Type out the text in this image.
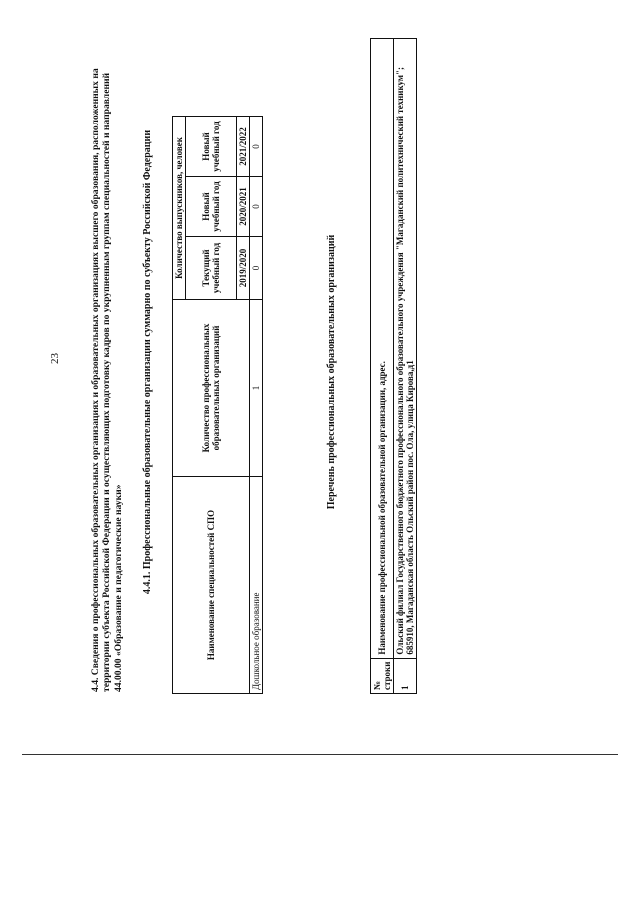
23	4.4. Сведения о профессиональных образовательных организациях и образовательных организациях высшего образования, расположенных на территории субъекта Российской Федерации и осуществляющих подготовку кадров по укрупненным группам специальностей и направлений 44.00.00 «Образование и педагогические науки» 4.4.1. Профессиональные образовательные организации суммарно по субъекту Российской Федерации	Наименование специальностей СПО	Количество профессиональных образовательных организаций	Количество выпускников, человек		
		Текущий учебный год	Новый учебный год	Новый учебный год
		2019/2020	2020/2021	2021/2022
Дошкольное образование	1	0	0	0
Перечень профессиональных образовательных организаций
№ строки	Наименование профессиональной образовательной организации, адрес.
1	Ольский филиал Государственного бюджетного профессионального образовательного учреждения "Магаданский политехнический техникум"; 685910, Магаданская область Ольский район пос. Ола, улица Кирова,д1
